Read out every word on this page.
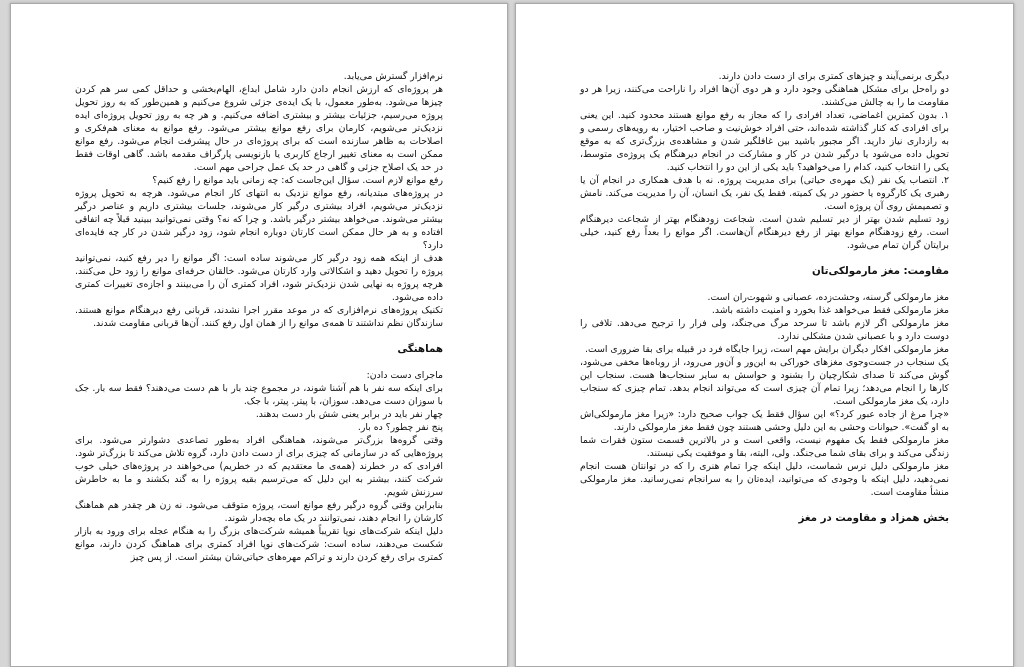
نرم‌افزار گسترش می‌یابد.

هر پروژه‌ای که ارزش انجام دادن دارد شامل ابداع، الهام‌بخشی و حداقل کمی سر هم کردن چیزها می‌شود. به‌طور معمول، با یک ایده‌ی جزئی شروع می‌کنیم و همین‌طور که به روز تحویل پروژه می‌رسیم، جزئیات بیشتر و بیشتری اضافه می‌کنیم. و هر چه به روز تحویل پروژه‌ای ایده نزدیک‌تر می‌شویم، کارمان برای رفع موانع بیشتر می‌شود. رفع موانع به معنای هم‌فکری و اصلاحات به ظاهر سازنده است که برای پروژه‌ای در حال پیشرفت انجام می‌شود. رفع موانع ممکن است به معنای تغییر ارجاع کاربری یا بازنویسی پارگراف مقدمه باشد. گاهی اوقات فقط در حد یک اصلاح جزئی و گاهی در حد یک عمل جراحی مهم است.

رفع موانع لازم است. سؤال این‌جاست که: چه زمانی باید موانع را رفع کنیم؟

در پروژه‌های مبتدیانه، رفع موانع نزدیک به انتهای کار انجام می‌شود. هرچه به تحویل پروژه نزدیک‌تر می‌شویم، افراد بیشتری درگیر کار می‌شوند، جلسات بیشتری داریم و عناصر درگیر بیشتر می‌شوند. می‌خواهد بیشتر درگیر باشد. و چرا که نه؟ وقتی نمی‌توانید ببینید قبلاً چه اتفاقی افتاده و به هر حال ممکن است کارتان دوباره انجام شود، زود درگیر شدن در کار چه فایده‌ای دارد؟

هدف از اینکه همه زود درگیر کار می‌شوند ساده است: اگر موانع را دیر رفع کنید، نمی‌توانید پروژه را تحویل دهید و اشکالاتی وارد کارتان می‌شود. خالقان حرفه‌ای موانع را زود حل می‌کنند. هرچه پروژه به نهایی شدن نزدیک‌تر شود، افراد کمتری آن را می‌بینند و اجازه‌ی تغییرات کمتری داده می‌شود.

تکنیک پروژه‌های نرم‌افزاری که در موعد مقرر اجرا نشدند، قربانی رفع دیرهنگام موانع هستند. سازندگان نظم نداشتند تا همه‌ی موانع را از همان اول رفع کنند. آن‌ها قربانی مقاومت شدند.

هماهنگی

ماجرای دست دادن:

برای اینکه سه نفر با هم آشنا شوند، در مجموع چند بار با هم دست می‌دهند؟ فقط سه بار. جک با سوزان دست می‌دهد. سوزان، با پیتر. پیتر، با جک.

چهار نفر باید در برابر یعنی شش بار دست بدهند.

پنج نفر چطور؟ ده بار.

وقتی گروه‌ها بزرگ‌تر می‌شوند، هماهنگی افراد به‌طور تصاعدی دشوارتر می‌شود. برای پروژه‌هایی که در سازمانی که چیزی برای از دست دادن دارد، گروه تلاش می‌کند تا بزرگ‌تر شود. افرادی که در خطرند (همه‌ی ما معتقدیم که در خطریم) می‌خواهند در پروژه‌های خیلی خوب شرکت کنند، بیشتر به این دلیل که می‌ترسیم بقیه پروژه را به گند بکشند و ما به خاطرش سرزنش شویم.

بنابراین وقتی گروه درگیر رفع موانع است، پروژه متوقف می‌شود. نه زن هر چقدر هم هماهنگ کارشان را انجام دهند، نمی‌توانند در یک ماه بچه‌دار شوند.

دلیل اینکه شرکت‌های نوپا تقریباً همیشه شرکت‌های بزرگ را به هنگام عجله برای ورود به بازار شکست می‌دهند، ساده است: شرکت‌های نوپا افراد کمتری برای هماهنگ کردن دارند، موانع کمتری برای رفع کردن دارند و تراکم مهره‌های حیاتی‌شان بیشتر است. از پس چیز

دیگری برنمی‌آیند و چیزهای کمتری برای از دست دادن دارند.

دو راه‌حل برای مشکل هماهنگی وجود دارد و هر دوی آن‌ها افراد را ناراحت می‌کنند، زیرا هر دو مقاومت ما را به چالش می‌کشند.

۱. بدون کمترین اغماضی، تعداد افرادی را که مجاز به رفع موانع هستند محدود کنید. این یعنی برای افرادی که کنار گذاشته شده‌اند، حتی افراد خوش‌نیت و صاحب اختیار، به رویه‌های رسمی و به رازداری نیاز دارید. اگر مجبور باشید بین غافلگیر شدن و مشاهده‌ی بزرگ‌تری که به موقع تحویل داده می‌شود یا درگیر شدن در کار و مشارکت در انجام دیرهنگام یک پروژه‌ی متوسط، یکی را انتخاب کنید، کدام را می‌خواهید؟ باید یکی از این دو را انتخاب کنید.

۲. انتصاب یک نفر (یک مهره‌ی حیاتی) برای مدیریت پروژه. نه با هدف همکاری در انجام آن یا رهبری یک کارگروه یا حضور در یک کمیته. فقط یک نفر، یک انسان، آن را مدیریت می‌کند. نامش و تصمیمش روی آن پروژه است.

زود تسلیم شدن بهتر از دیر تسلیم شدن است. شجاعت زودهنگام بهتر از شجاعت دیرهنگام است. رفع زودهنگام موانع بهتر از رفع دیرهنگام آن‌هاست. اگر موانع را بعداً رفع کنید، خیلی برایتان گران تمام می‌شود.

مقاومت: مغز مارمولکی‌تان

مغز مارمولکی گرسنه، وحشت‌زده، عصبانی و شهوت‌ران است.

مغز مارمولکی فقط می‌خواهد غذا بخورد و امنیت داشته باشد.

مغز مارمولکی اگر لازم باشد تا سرحد مرگ می‌جنگد، ولی فرار را ترجیح می‌دهد. تلافی را دوست دارد و با عصبانی شدن مشکلی ندارد.

مغز مارمولکی افکار دیگران برایش مهم است، زیرا جایگاه فرد در قبیله برای بقا ضروری است.

یک سنجاب در جست‌وجوی مغزهای خوراکی به این‌ور و آن‌ور می‌رود، از روباه‌ها مخفی می‌شود، گوش می‌کند تا صدای شکارچیان را بشنود و حواسش به سایر سنجاب‌ها هست. سنجاب این کارها را انجام می‌دهد؛ زیرا تمام آن چیزی است که می‌تواند انجام بدهد. تمام چیزی که سنجاب دارد، یک مغز مارمولکی است.

«چرا مرغ از جاده عبور کرد؟» این سؤال فقط یک جواب صحیح دارد: «زیرا مغز مارمولکی‌اش به او گفت». حیوانات وحشی به این دلیل وحشی هستند چون فقط مغز مارمولکی دارند.

مغز مارمولکی فقط یک مفهوم نیست، واقعی است و در بالاترین قسمت ستون فقرات شما زندگی می‌کند و برای بقای شما می‌جنگد. ولی، البته، بقا و موفقیت یکی نیستند.

مغز مارمولکی دلیل ترس شماست، دلیل اینکه چرا تمام هنری را که در توانتان هست انجام نمی‌دهید، دلیل اینکه با وجودی که می‌توانید، ایده‌تان را به سرانجام نمی‌رسانید. مغز مارمولکی منشأ مقاومت است.

بخش همزاد و مقاومت در مغز
